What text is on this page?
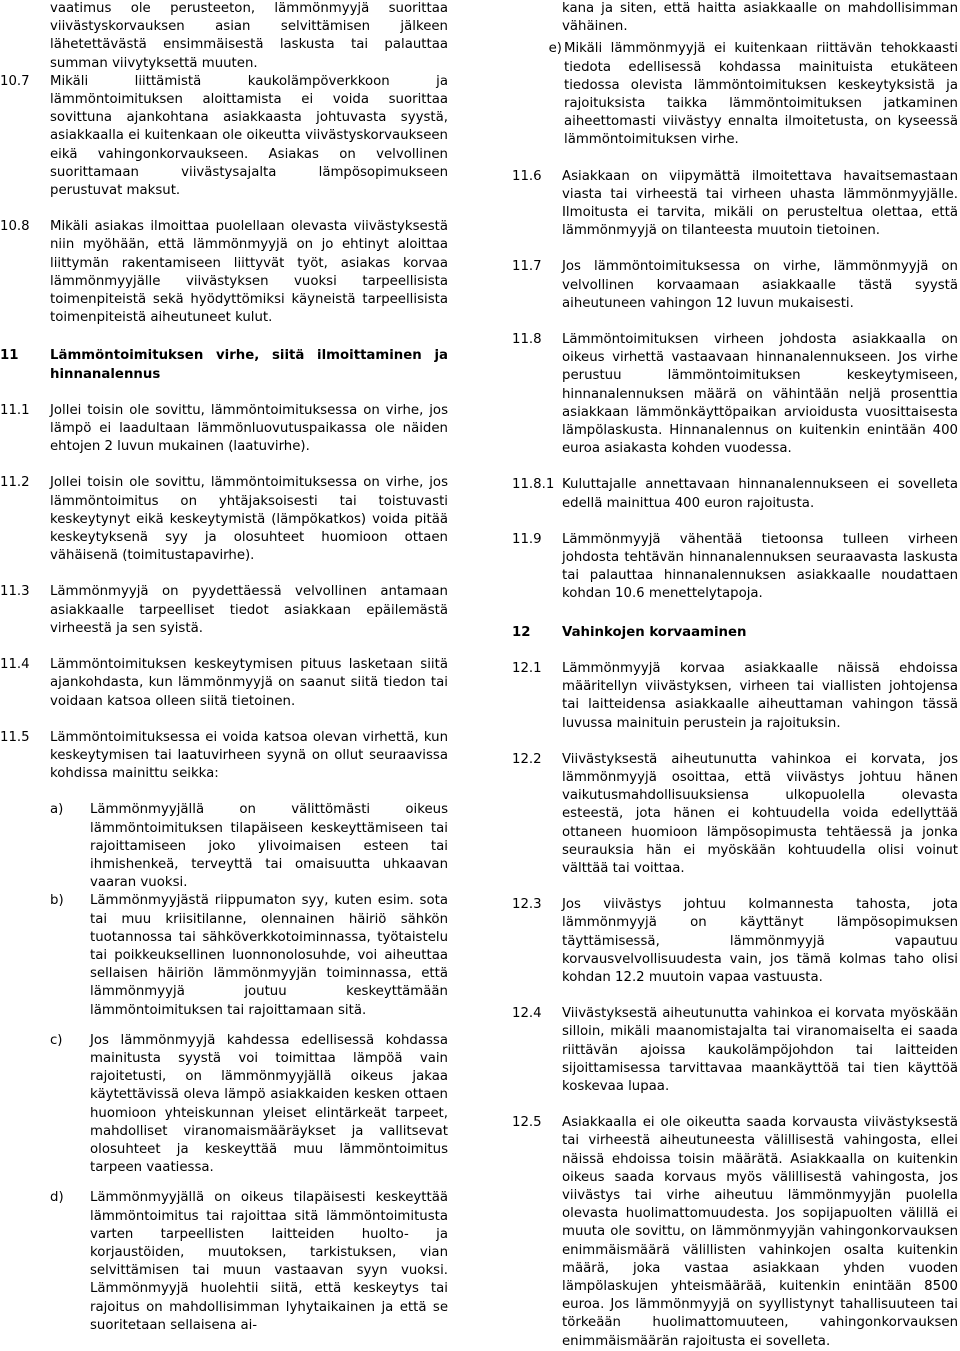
vaatimus ole perusteeton, lämmönmyyjä suorittaa viivästyskorvauksen asian selvittämisen jälkeen lähetettävästä ensimmäisestä laskusta tai palauttaa summan viivytyksettä muuten.
10.7	Mikäli liittämistä kaukolämpöverkkoon ja lämmöntoimituksen aloittamista ei voida suorittaa sovittuna ajankohtana asiakkaasta johtuvasta syystä, asiakkaalla ei kuitenkaan ole oikeutta viivästyskorvaukseen eikä vahingonkorvaukseen. Asiakas on velvollinen suorittamaan viivästysajalta lämpösopimukseen perustuvat maksut.
10.8	Mikäli asiakas ilmoittaa puolellaan olevasta viivästyksestä niin myöhään, että lämmönmyyjä on jo ehtinyt aloittaa liittymän rakentamiseen liittyvät työt, asiakas korvaa lämmönmyyjälle viivästyksen vuoksi tarpeellisista toimenpiteistä sekä hyödyttömiksi käyneistä tarpeellisista toimenpiteistä aiheutuneet kulut.
11	Lämmöntoimituksen virhe, siitä ilmoittaminen ja hinnanalennus
11.1	Jollei toisin ole sovittu, lämmöntoimituksessa on virhe, jos lämpö ei laadultaan lämmönluovutuspaikassa ole näiden ehtojen 2 luvun mukainen (laatuvirhe).
11.2	Jollei toisin ole sovittu, lämmöntoimituksessa on virhe, jos lämmöntoimitus on yhtäjaksoisesti tai toistuvasti keskeytynyt eikä keskeytymistä (lämpökatkos) voida pitää keskeytyksenä syy ja olosuhteet huomioon ottaen vähäisenä (toimitustapavirhe).
11.3	Lämmönmyyjä on pyydettäessä velvollinen antamaan asiakkaalle tarpeelliset tiedot asiakkaan epäilemästä virheestä ja sen syistä.
11.4	Lämmöntoimituksen keskeytymisen pituus lasketaan siitä ajankohdasta, kun lämmönmyyjä on saanut siitä tiedon tai voidaan katsoa olleen siitä tietoinen.
11.5	Lämmöntoimituksessa ei voida katsoa olevan virhettä, kun keskeytymisen tai laatuvirheen syynä on ollut seuraavissa kohdissa mainittu seikka:
a)	Lämmönmyyjällä on välittömästi oikeus lämmöntoimituksen tilapäiseen keskeyttämiseen tai rajoittamiseen joko ylivoimaisen esteen tai ihmishenkeä, terveyttä tai omaisuutta uhkaavan vaaran vuoksi.
b)	Lämmönmyyjästä riippumaton syy, kuten esim. sota tai muu kriisitilanne, olennainen häiriö sähkön tuotannossa tai sähköverkkotoiminnassa, työtaistelu tai poikkeuksellinen luonnonolosuhde, voi aiheuttaa sellaisen häiriön lämmönmyyjän toiminnassa, että lämmönmyyjä joutuu keskeyttämään lämmöntoimituksen tai rajoittamaan sitä.
c)	Jos lämmönmyyjä kahdessa edellisessä kohdassa mainitusta syystä voi toimittaa lämpöä vain rajoitetusti, on lämmönmyyjällä oikeus jakaa käytettävissä oleva lämpö asiakkaiden kesken ottaen huomioon yhteiskunnan yleiset elintärkeät tarpeet, mahdolliset viranomaismääräykset ja vallitsevat olosuhteet ja keskeyttää muu lämmöntoimitus tarpeen vaatiessa.
d)	Lämmönmyyjällä on oikeus tilapäisesti keskeyttää lämmöntoimitus tai rajoittaa sitä lämmöntoimitusta varten tarpeellisten laitteiden huolto- ja korjaustöiden, muutoksen, tarkistuksen, vian selvittämisen tai muun vastaavan syyn vuoksi. Lämmönmyyjä huolehtii siitä, että keskeytys tai rajoitus on mahdollisimman lyhytaikainen ja että se suoritetaan sellaisena ai-
kana ja siten, että haitta asiakkaalle on mahdollisimman vähäinen.
e) Mikäli lämmönmyyjä ei kuitenkaan riittävän tehokkaasti tiedota edellisessä kohdassa mainituista etukäteen tiedossa olevista lämmöntoimituksen keskeytyksistä ja rajoituksista taikka lämmöntoimituksen jatkaminen aiheettomasti viivästyy ennalta ilmoitetusta, on kyseessä lämmöntoimituksen virhe.
11.6	Asiakkaan on viipymättä ilmoitettava havaitsemastaan viasta tai virheestä tai virheen uhasta lämmönmyyjälle. Ilmoitusta ei tarvita, mikäli on perusteltua olettaa, että lämmönmyyjä on tilanteesta muutoin tietoinen.
11.7	Jos lämmöntoimituksessa on virhe, lämmönmyyjä on velvollinen korvaamaan asiakkaalle tästä syystä aiheutuneen vahingon 12 luvun mukaisesti.
11.8	Lämmöntoimituksen virheen johdosta asiakkaalla on oikeus virhettä vastaavaan hinnanalennukseen. Jos virhe perustuu lämmöntoimituksen keskeytymiseen, hinnanalennuksen määrä on vähintään neljä prosenttia asiakkaan lämmönkäyttöpaikan arvioidusta vuosittaisesta lämpölaskusta. Hinnanalennus on kuitenkin enintään 400 euroa asiakasta kohden vuodessa.
11.8.1 Kuluttajalle annettavaan hinnanalennukseen ei sovelleta edellä mainittua 400 euron rajoitusta.
11.9	Lämmönmyyjä vähentää tietoonsa tulleen virheen johdosta tehtävän hinnanalennuksen seuraavasta laskusta tai palauttaa hinnanalennuksen asiakkaalle noudattaen kohdan 10.6 menettelytapoja.
12	Vahinkojen korvaaminen
12.1	Lämmönmyyjä korvaa asiakkaalle näissä ehdoissa määritellyn viivästyksen, virheen tai viallisten johtojensa tai laitteidensa asiakkaalle aiheuttaman vahingon tässä luvussa mainituin perustein ja rajoituksin.
12.2	Viivästyksestä aiheutunutta vahinkoa ei korvata, jos lämmönmyyjä osoittaa, että viivästys johtuu hänen vaikutusmahdollisuuksiensa ulkopuolella olevasta esteestä, jota hänen ei kohtuudella voida edellyttää ottaneen huomioon lämpösopimusta tehtäessä ja jonka seurauksia hän ei myöskään kohtuudella olisi voinut välttää tai voittaa.
12.3	Jos viivästys johtuu kolmannesta tahosta, jota lämmönmyyjä on käyttänyt lämpösopimuksen täyttämisessä, lämmönmyyjä vapautuu korvausvelvollisuudesta vain, jos tämä kolmas taho olisi kohdan 12.2 muutoin vapaa vastuusta.
12.4	Viivästyksestä aiheutunutta vahinkoa ei korvata myöskään silloin, mikäli maanomistajalta tai viranomaiselta ei saada riittävän ajoissa kaukolämpöjohdon tai laitteiden sijoittamisessa tarvittavaa maankäyttöä tai tien käyttöä koskevaa lupaa.
12.5	Asiakkaalla ei ole oikeutta saada korvausta viivästyksestä tai virheestä aiheutuneesta välillisestä vahingosta, ellei näissä ehdoissa toisin määrätä. Asiakkaalla on kuitenkin oikeus saada korvaus myös välillisestä vahingosta, jos viivästys tai virhe aiheutuu lämmönmyyjän puolella olevasta huolimattomuudesta. Jos sopijapuolten välillä ei muuta ole sovittu, on lämmönmyyjän vahingonkorvauksen enimmäismäärä välillisten vahinkojen osalta kuitenkin määrä, joka vastaa asiakkaan yhden vuoden lämpölaskujen yhteismäärää, kuitenkin enintään 8500 euroa. Jos lämmönmyyjä on syyllistynyt tahallisuuteen tai törkeään huolimattomuuteen, vahingonkorvauksen enimmäismäärän rajoitusta ei sovelleta.
